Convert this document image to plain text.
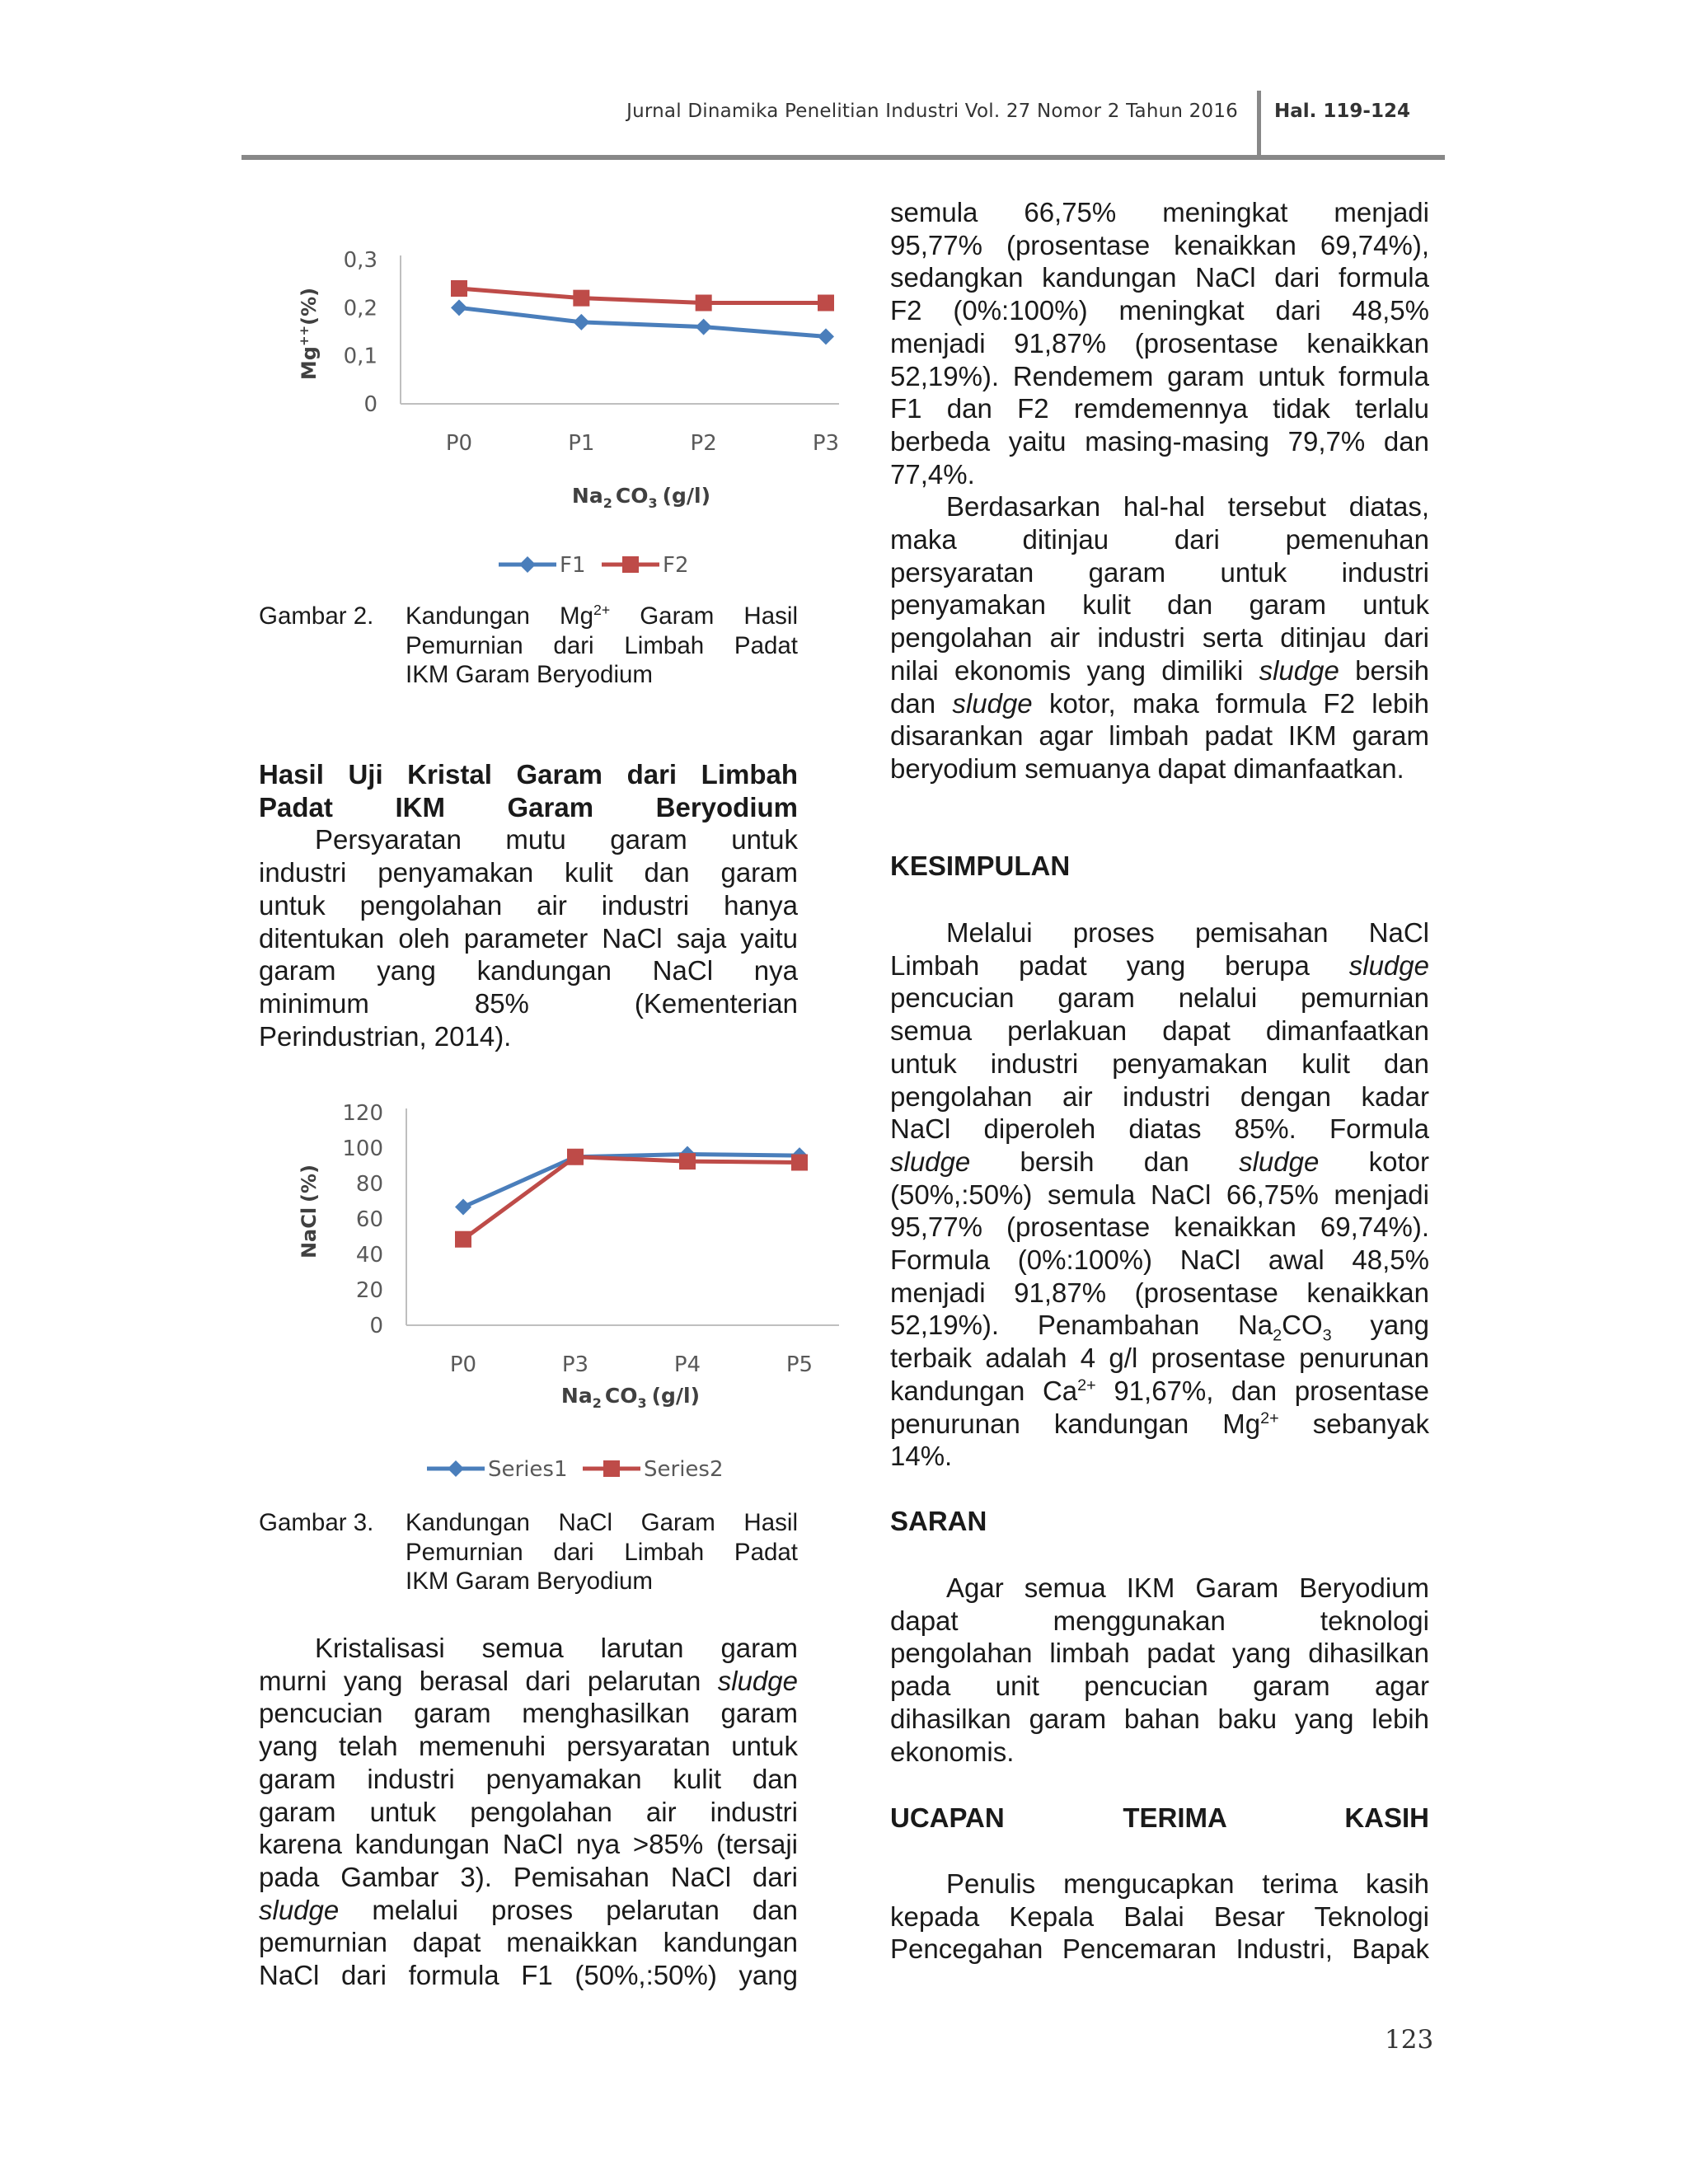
Jurnal Dinamika Penelitian Industri Vol. 27 Nomor 2 Tahun 2016 Hal. 119-124
Mg++(%)
0
0,1
0,2
0,3
P0	P1	P2	P3
$Na_2$ $CO_3$ (g/l)
F1	F2
Gambar 2.	Kandungan $Mg^{2+}$ Garam Hasil
Pemurnian dari Limbah Padat
IKM Garam Beryodium

Hasil Uji Kristal Garam dari Limbah

Padat IKM Garam Beryodium

Persyaratan mutu garam untuk

industri penyamakan kulit dan garam

untuk pengolahan air industri hanya

ditentukan oleh parameter NaCl saja yaitu

garam yang kandungan NaCl nya

minimum 85% (Kementerian

Perindustrian, 2014).

NaCl(%)
0
20
40
60
80
100
120
P0	P3	P4	P5
$Na_2$ $CO_3$ (g/l)
Series1	Series2
Gambar 3.	Kandungan NaCl Garam Hasil
Pemurnian dari Limbah Padat
IKM Garam Beryodium

Kristalisasi semua larutan garam

murni yang berasal dari pelarutan sludge

pencucian garam menghasilkan garam

yang telah memenuhi persyaratan untuk

garam industri penyamakan kulit dan

garam untuk pengolahan air industri

karena kandungan NaCl nya >85% (tersaji

pada Gambar 3). Pemisahan NaCl dari

sludge melalui proses pelarutan dan

pemurnian dapat menaikkan kandungan

NaCl dari formula F1 (50%,:50%) yang

semula 66,75% meningkat menjadi

95,77% (prosentase kenaikkan 69,74%),

sedangkan kandungan NaCl dari formula

F2 (0%:100%) meningkat dari 48,5%

menjadi 91,87% (prosentase kenaikkan

52,19%). Rendemem garam untuk formula

F1 dan F2 remdemennya tidak terlalu

berbeda yaitu masing-masing 79,7% dan

77,4%.

Berdasarkan hal-hal tersebut diatas,

maka ditinjau dari pemenuhan

persyaratan garam untuk industri

penyamakan kulit dan garam untuk

pengolahan air industri serta ditinjau dari

nilai ekonomis yang dimiliki sludge bersih

dan sludge kotor, maka formula F2 lebih

disarankan agar limbah padat IKM garam

beryodium semuanya dapat dimanfaatkan.

KESIMPULAN

Melalui proses pemisahan NaCl

Limbah padat yang berupa sludge

pencucian garam nelalui pemurnian

semua perlakuan dapat dimanfaatkan

untuk industri penyamakan kulit dan

pengolahan air industri dengan kadar

NaCl diperoleh diatas 85%. Formula

sludge bersih dan sludge kotor

(50%,:50%) semula NaCl 66,75% menjadi

95,77% (prosentase kenaikkan 69,74%).

Formula (0%:100%) NaCl awal 48,5%

menjadi 91,87% (prosentase kenaikkan

52,19%). Penambahan $Na_2CO_3$ yang

terbaik adalah 4 g/l prosentase penurunan

kandungan $Ca^{2+}$ 91,67%, dan prosentase

penurunan kandungan $Mg^{2+}$ sebanyak

14%.

SARAN

Agar semua IKM Garam Beryodium

dapat menggunakan teknologi

pengolahan limbah padat yang dihasilkan

pada unit pencucian garam agar

dihasilkan garam bahan baku yang lebih

ekonomis.

UCAPAN TERIMA KASIH

Penulis mengucapkan terima kasih

kepada Kepala Balai Besar Teknologi

Pencegahan Pencemaran Industri, Bapak

123
